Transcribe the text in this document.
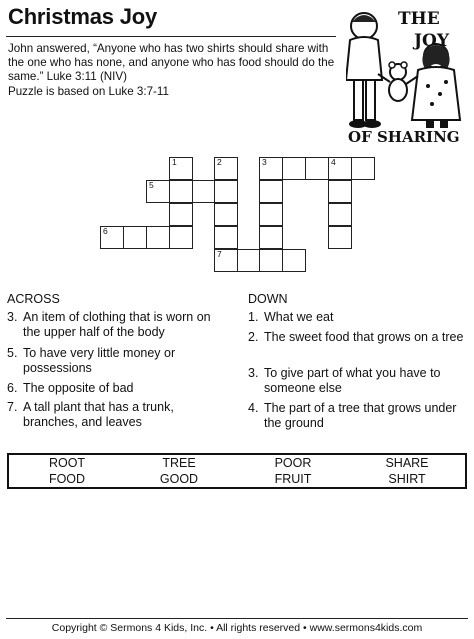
Christmas Joy
John answered, “Anyone who has two shirts should share with the one who has none, and anyone who has food should do the same.” Luke 3:11 (NIV)
Puzzle is based on Luke 3:7-11
THE
JOY
OF SHARING
1	2	3	4
5
6
7
ACROSS	DOWN
3. An item of clothing that is worn on the upper half of the body
5. To have very little money or possessions
6. The opposite of bad
7. A tall plant that has a trunk, branches, and leaves
1. What we eat
2. The sweet food that grows on a tree
3. To give part of what you have to someone else
4. The part of a tree that grows under the ground
ROOT	TREE	POOR	SHARE
FOOD	GOOD	FRUIT	SHIRT
Copyright © Sermons 4 Kids, Inc. • All rights reserved • www.sermons4kids.com
